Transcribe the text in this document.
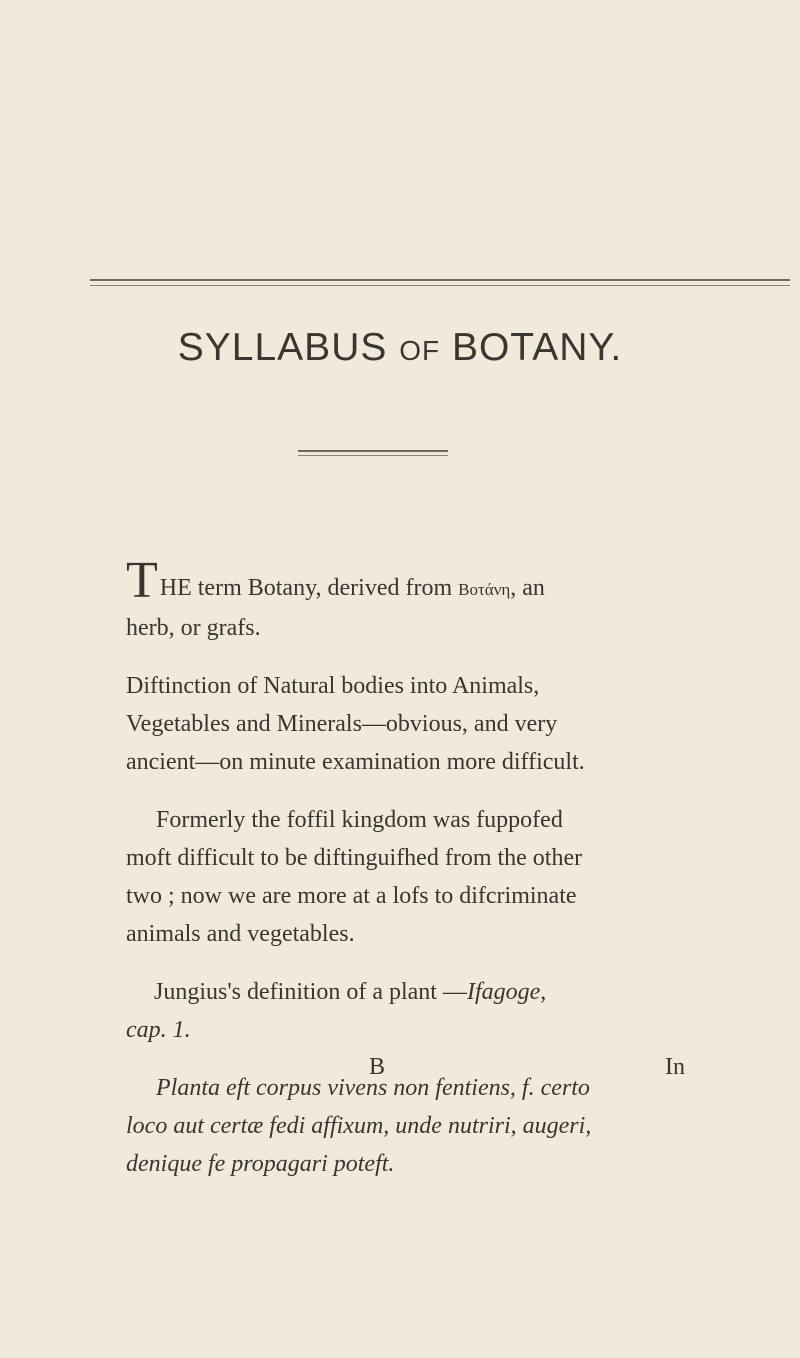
SYLLABUS OF BOTANY.

THE term Botany, derived from Βοτάνη, an
herb, or grafs.

Diftinction of Natural bodies into Animals,
Vegetables and Minerals—obvious, and very
ancient—on minute examination more difficult.

Formerly the foffil kingdom was fuppofed
moft difficult to be diftinguifhed from the other
two ; now we are more at a lofs to difcriminate
animals and vegetables.

Jungius's definition of a plant —Ifagoge,
cap. 1.

Planta eft corpus vivens non fentiens, f. certo
loco aut certæ fedi affixum, unde nutriri, augeri,
denique fe propagari poteft.

B	In
